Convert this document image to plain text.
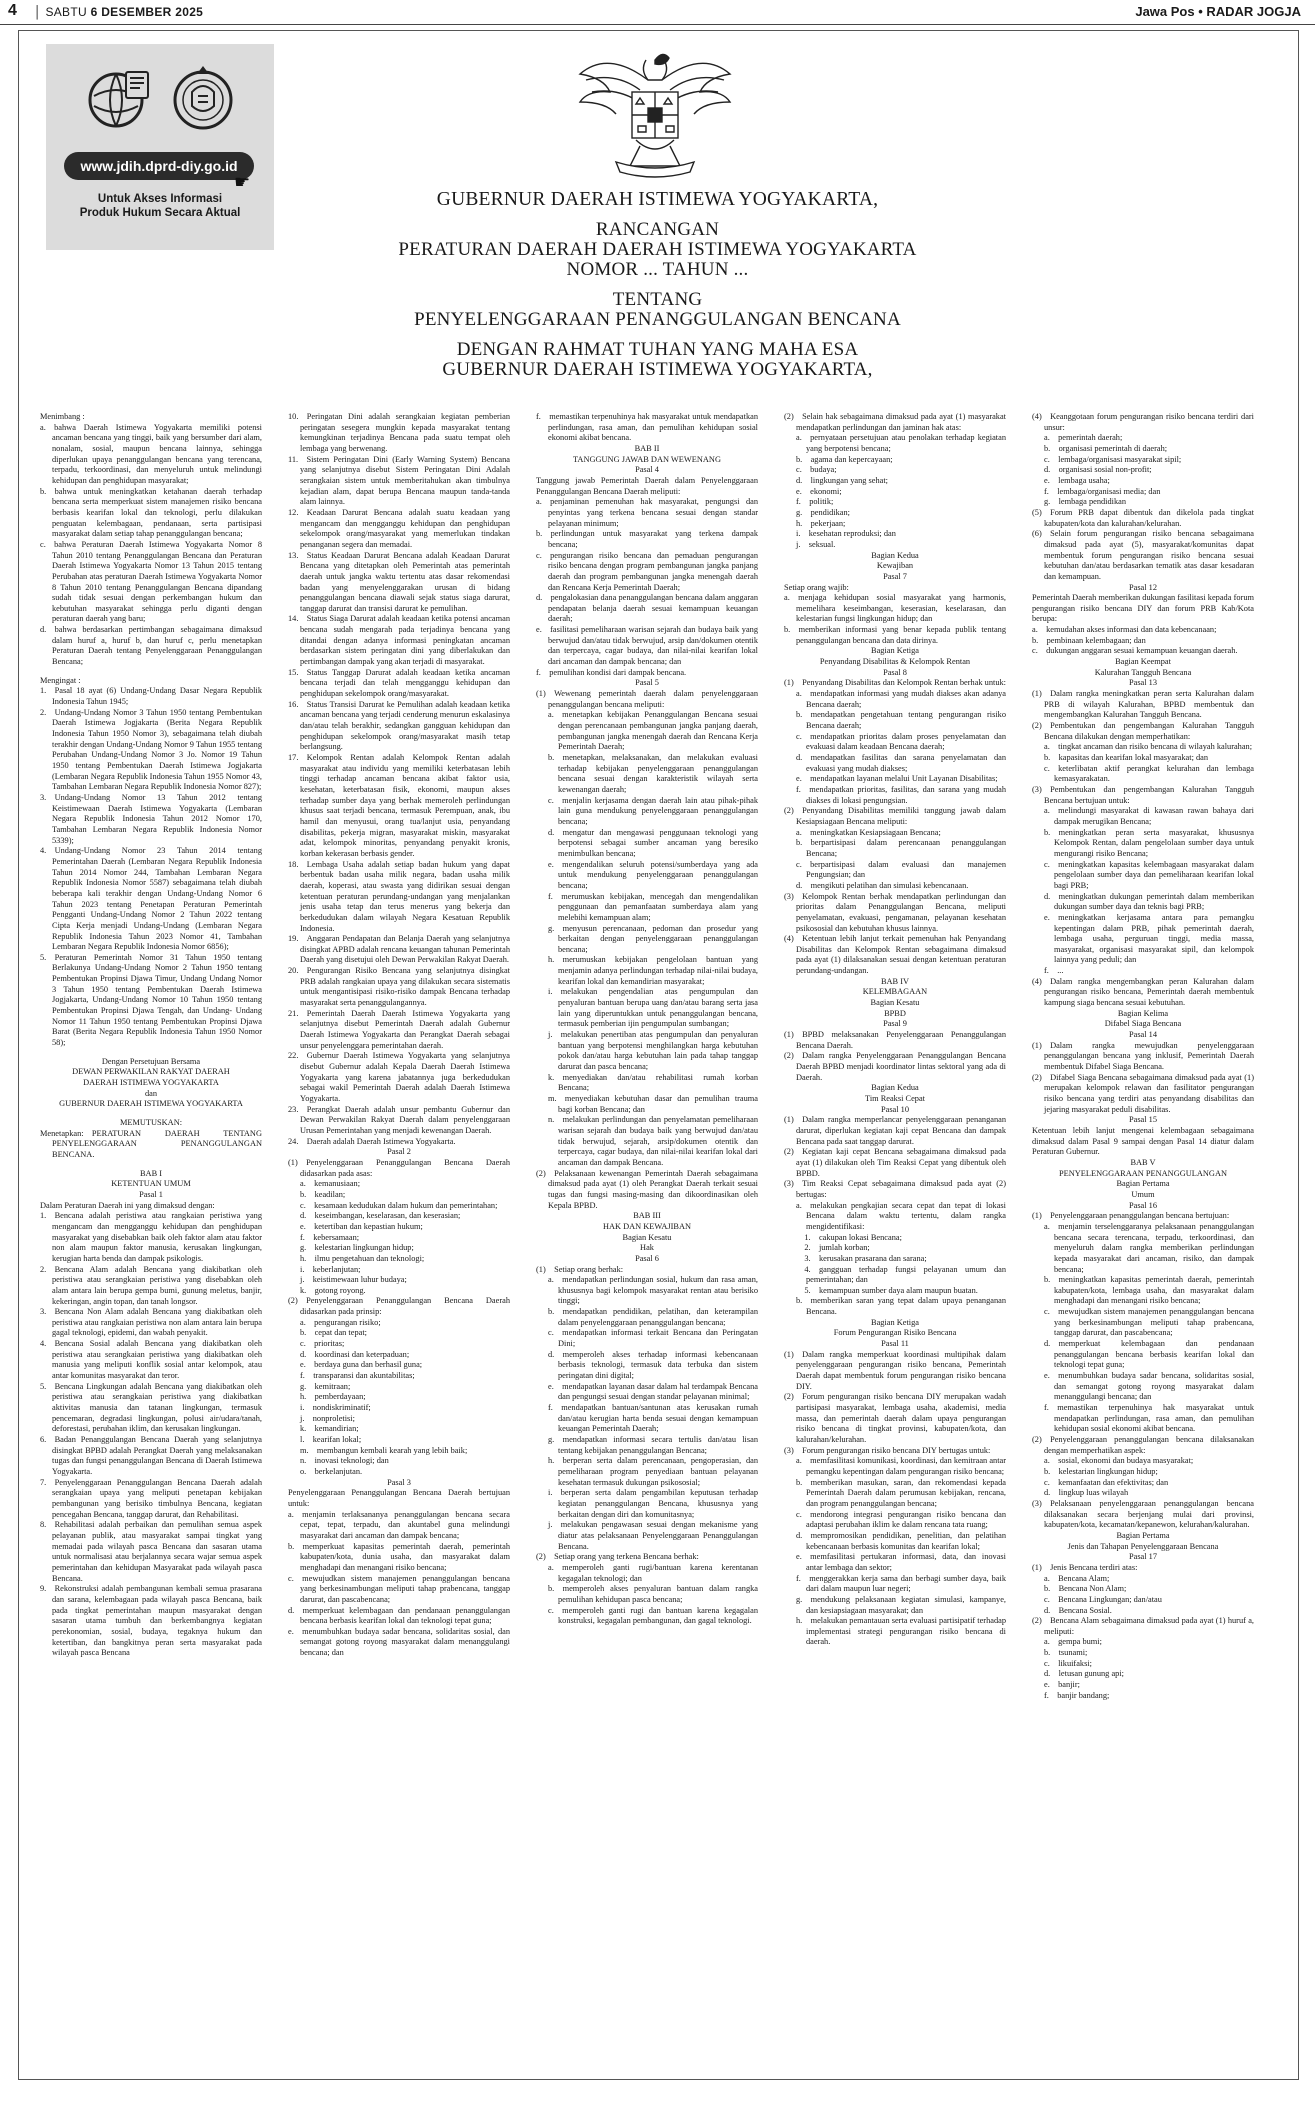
4 │ SABTU 6 DESEMBER 2025	Jawa Pos • RADAR JOGJA
www.jdih.dprd-diy.go.id
☛
Untuk Akses Informasi
Produk Hukum Secara Aktual
GUBERNUR DAERAH ISTIMEWA YOGYAKARTA,
RANCANGAN
PERATURAN DAERAH DAERAH ISTIMEWA YOGYAKARTA
NOMOR ... TAHUN ...
TENTANG
PENYELENGGARAAN PENANGGULANGAN BENCANA
DENGAN RAHMAT TUHAN YANG MAHA ESA
GUBERNUR DAERAH ISTIMEWA YOGYAKARTA,

Menimbang :

a. bahwa Daerah Istimewa Yogyakarta memiliki potensi ancaman bencana yang tinggi, baik yang bersumber dari alam, nonalam, sosial, maupun bencana lainnya, sehingga diperlukan upaya penanggulangan bencana yang terencana, terpadu, terkoordinasi, dan menyeluruh untuk melindungi kehidupan dan penghidupan masyarakat;

b. bahwa untuk meningkatkan ketahanan daerah terhadap bencana serta memperkuat sistem manajemen risiko bencana berbasis kearifan lokal dan teknologi, perlu dilakukan penguatan kelembagaan, pendanaan, serta partisipasi masyarakat dalam setiap tahap penanggulangan bencana;

c. bahwa Peraturan Daerah Istimewa Yogyakarta Nomor 8 Tahun 2010 tentang Penanggulangan Bencana dan Peraturan Daerah Istimewa Yogyakarta Nomor 13 Tahun 2015 tentang Perubahan atas peraturan Daerah Istimewa Yogyakarta Nomor 8 Tahun 2010 tentang Penanggulangan Bencana dipandang sudah tidak sesuai dengan perkembangan hukum dan kebutuhan masyarakat sehingga perlu diganti dengan peraturan daerah yang baru;

d. bahwa berdasarkan pertimbangan sebagaimana dimaksud dalam huruf a, huruf b, dan huruf c, perlu menetapkan Peraturan Daerah tentang Penyelenggaraan Penanggulangan Bencana;

Mengingat :

1. Pasal 18 ayat (6) Undang-Undang Dasar Negara Republik Indonesia Tahun 1945;

2. Undang-Undang Nomor 3 Tahun 1950 tentang Pembentukan Daerah Istimewa Jogjakarta (Berita Negara Republik Indonesia Tahun 1950 Nomor 3), sebagaimana telah diubah terakhir dengan Undang-Undang Nomor 9 Tahun 1955 tentang Perubahan Undang-Undang Nomor 3 Jo. Nomor 19 Tahun 1950 tentang Pembentukan Daerah Istimewa Jogjakarta (Lembaran Negara Republik Indonesia Tahun 1955 Nomor 43, Tambahan Lembaran Negara Republik Indonesia Nomor 827);

3. Undang-Undang Nomor 13 Tahun 2012 tentang Keistimewaan Daerah Istimewa Yogyakarta (Lembaran Negara Republik Indonesia Tahun 2012 Nomor 170, Tambahan Lembaran Negara Republik Indonesia Nomor 5339);

4. Undang-Undang Nomor 23 Tahun 2014 tentang Pemerintahan Daerah (Lembaran Negara Republik Indonesia Tahun 2014 Nomor 244, Tambahan Lembaran Negara Republik Indonesia Nomor 5587) sebagaimana telah diubah beberapa kali terakhir dengan Undang-Undang Nomor 6 Tahun 2023 tentang Penetapan Peraturan Pemerintah Pengganti Undang-Undang Nomor 2 Tahun 2022 tentang Cipta Kerja menjadi Undang-Undang (Lembaran Negara Republik Indonesia Tahun 2023 Nomor 41, Tambahan Lembaran Negara Republik Indonesia Nomor 6856);

5. Peraturan Pemerintah Nomor 31 Tahun 1950 tentang Berlakunya Undang-Undang Nomor 2 Tahun 1950 tentang Pembentukan Propinsi Djawa Timur, Undang Undang Nomor 3 Tahun 1950 tentang Pembentukan Daerah Istimewa Jogjakarta, Undang-Undang Nomor 10 Tahun 1950 tentang Pembentukan Propinsi Djawa Tengah, dan Undang- Undang Nomor 11 Tahun 1950 tentang Pembentukan Propinsi Djawa Barat (Berita Negara Republik Indonesia Tahun 1950 Nomor 58);

Dengan Persetujuan Bersama

DEWAN PERWAKILAN RAKYAT DAERAH

DAERAH ISTIMEWA YOGYAKARTA

dan

GUBERNUR DAERAH ISTIMEWA YOGYAKARTA

MEMUTUSKAN:

Menetapkan: PERATURAN DAERAH TENTANG PENYELENGGARAAN PENANGGULANGAN BENCANA.

BAB I

KETENTUAN UMUM

Pasal 1

Dalam Peraturan Daerah ini yang dimaksud dengan:

1. Bencana adalah peristiwa atau rangkaian peristiwa yang mengancam dan mengganggu kehidupan dan penghidupan masyarakat yang disebabkan baik oleh faktor alam atau faktor non alam maupun faktor manusia, kerusakan lingkungan, kerugian harta benda dan dampak psikologis.

2. Bencana Alam adalah Bencana yang diakibatkan oleh peristiwa atau serangkaian peristiwa yang disebabkan oleh alam antara lain berupa gempa bumi, gunung meletus, banjir, kekeringan, angin topan, dan tanah longsor.

3. Bencana Non Alam adalah Bencana yang diakibatkan oleh peristiwa atau rangkaian peristiwa non alam antara lain berupa gagal teknologi, epidemi, dan wabah penyakit.

4. Bencana Sosial adalah Bencana yang diakibatkan oleh peristiwa atau serangkaian peristiwa yang diakibatkan oleh manusia yang meliputi konflik sosial antar kelompok, atau antar komunitas masyarakat dan teror.

5. Bencana Lingkungan adalah Bencana yang diakibatkan oleh peristiwa atau serangkaian peristiwa yang diakibatkan aktivitas manusia dan tatanan lingkungan, termasuk pencemaran, degradasi lingkungan, polusi air/udara/tanah, deforestasi, perubahan iklim, dan kerusakan lingkungan.

6. Badan Penanggulangan Bencana Daerah yang selanjutnya disingkat BPBD adalah Perangkat Daerah yang melaksanakan tugas dan fungsi penanggulangan Bencana di Daerah Istimewa Yogyakarta.

7. Penyelenggaraan Penanggulangan Bencana Daerah adalah serangkaian upaya yang meliputi penetapan kebijakan pembangunan yang berisiko timbulnya Bencana, kegiatan pencegahan Bencana, tanggap darurat, dan Rehabilitasi.

8. Rehabilitasi adalah perbaikan dan pemulihan semua aspek pelayanan publik, atau masyarakat sampai tingkat yang memadai pada wilayah pasca Bencana dan sasaran utama untuk normalisasi atau berjalannya secara wajar semua aspek pemerintahan dan kehidupan Masyarakat pada wilayah pasca Bencana.

9. Rekonstruksi adalah pembangunan kembali semua prasarana dan sarana, kelembagaan pada wilayah pasca Bencana, baik pada tingkat pemerintahan maupun masyarakat dengan sasaran utama tumbuh dan berkembangnya kegiatan perekonomian, sosial, budaya, tegaknya hukum dan ketertiban, dan bangkitnya peran serta masyarakat pada wilayah pasca Bencana

10. Peringatan Dini adalah serangkaian kegiatan pemberian peringatan sesegera mungkin kepada masyarakat tentang kemungkinan terjadinya Bencana pada suatu tempat oleh lembaga yang berwenang.

11. Sistem Peringatan Dini (Early Warning System) Bencana yang selanjutnya disebut Sistem Peringatan Dini Adalah serangkaian sistem untuk memberitahukan akan timbulnya kejadian alam, dapat berupa Bencana maupun tanda-tanda alam lainnya.

12. Keadaan Darurat Bencana adalah suatu keadaan yang mengancam dan mengganggu kehidupan dan penghidupan sekelompok orang/masyarakat yang memerlukan tindakan penanganan segera dan memadai.

13. Status Keadaan Darurat Bencana adalah Keadaan Darurat Bencana yang ditetapkan oleh Pemerintah atas pemerintah daerah untuk jangka waktu tertentu atas dasar rekomendasi badan yang menyelenggarakan urusan di bidang penanggulangan bencana diawali sejak status siaga darurat, tanggap darurat dan transisi darurat ke pemulihan.

14. Status Siaga Darurat adalah keadaan ketika potensi ancaman bencana sudah mengarah pada terjadinya bencana yang ditandai dengan adanya informasi peningkatan ancaman berdasarkan sistem peringatan dini yang diberlakukan dan pertimbangan dampak yang akan terjadi di masyarakat.

15. Status Tanggap Darurat adalah keadaan ketika ancaman bencana terjadi dan telah mengganggu kehidupan dan penghidupan sekelompok orang/masyarakat.

16. Status Transisi Darurat ke Pemulihan adalah keadaan ketika ancaman bencana yang terjadi cenderung menurun eskalasinya dan/atau telah berakhir, sedangkan gangguan kehidupan dan penghidupan sekelompok orang/masyarakat masih tetap berlangsung.

17. Kelompok Rentan adalah Kelompok Rentan adalah masyarakat atau individu yang memiliki keterbatasan lebih tinggi terhadap ancaman bencana akibat faktor usia, kesehatan, keterbatasan fisik, ekonomi, maupun akses terhadap sumber daya yang berhak memeroleh perlindungan khusus saat terjadi bencana, termasuk Perempuan, anak, ibu hamil dan menyusui, orang tua/lanjut usia, penyandang disabilitas, pekerja migran, masyarakat miskin, masyarakat adat, kelompok minoritas, penyandang penyakit kronis, korban kekerasan berbasis gender.

18. Lembaga Usaha adalah setiap badan hukum yang dapat berbentuk badan usaha milik negara, badan usaha milik daerah, koperasi, atau swasta yang didirikan sesuai dengan ketentuan peraturan perundang-undangan yang menjalankan jenis usaha tetap dan terus menerus yang bekerja dan berkedudukan dalam wilayah Negara Kesatuan Republik Indonesia.

19. Anggaran Pendapatan dan Belanja Daerah yang selanjutnya disingkat APBD adalah rencana keuangan tahunan Pemerintah Daerah yang disetujui oleh Dewan Perwakilan Rakyat Daerah.

20. Pengurangan Risiko Bencana yang selanjutnya disingkat PRB adalah rangkaian upaya yang dilakukan secara sistematis untuk mengantisipasi risiko-risiko dampak Bencana terhadap masyarakat serta penanggulangannya.

21. Pemerintah Daerah Daerah Istimewa Yogyakarta yang selanjutnya disebut Pemerintah Daerah adalah Gubernur Daerah Istimewa Yogyakarta dan Perangkat Daerah sebagai unsur penyelenggara pemerintahan daerah.

22. Gubernur Daerah Istimewa Yogyakarta yang selanjutnya disebut Gubernur adalah Kepala Daerah Daerah Istimewa Yogyakarta yang karena jabatannya juga berkedudukan sebagai wakil Pemerintah Daerah adalah Daerah Istimewa Yogyakarta.

23. Perangkat Daerah adalah unsur pembantu Gubernur dan Dewan Perwakilan Rakyat Daerah dalam penyelenggaraan Urusan Pemerintahan yang menjadi kewenangan Daerah.

24. Daerah adalah Daerah Istimewa Yogyakarta.

Pasal 2

(1) Penyelenggaraan Penanggulangan Bencana Daerah didasarkan pada asas:

a. kemanusiaan;

b. keadilan;

c. kesamaan kedudukan dalam hukum dan pemerintahan;

d. keseimbangan, keselarasan, dan keserasian;

e. ketertiban dan kepastian hukum;

f. kebersamaan;

g. kelestarian lingkungan hidup;

h. ilmu pengetahuan dan teknologi;

i. keberlanjutan;

j. keistimewaan luhur budaya;

k. gotong royong.

(2) Penyelenggaraan Penanggulangan Bencana Daerah didasarkan pada prinsip:

a. pengurangan risiko;

b. cepat dan tepat;

c. prioritas;

d. koordinasi dan keterpaduan;

e. berdaya guna dan berhasil guna;

f. transparansi dan akuntabilitas;

g. kemitraan;

h. pemberdayaan;

i. nondiskriminatif;

j. nonproletisi;

k. kemandirian;

l. kearifan lokal;

m. membangun kembali kearah yang lebih baik;

n. inovasi teknologi; dan

o. berkelanjutan.

Pasal 3

Penyelenggaraan Penanggulangan Bencana Daerah bertujuan untuk:

a. menjamin terlaksananya penanggulangan bencana secara cepat, tepat, terpadu, dan akuntabel guna melindungi masyarakat dari ancaman dan dampak bencana;

b. memperkuat kapasitas pemerintah daerah, pemerintah kabupaten/kota, dunia usaha, dan masyarakat dalam menghadapi dan menangani risiko bencana;

c. mewujudkan sistem manajemen penanggulangan bencana yang berkesinambungan meliputi tahap prabencana, tanggap darurat, dan pascabencana;

d. memperkuat kelembagaan dan pendanaan penanggulangan bencana berbasis kearifan lokal dan teknologi tepat guna;

e. menumbuhkan budaya sadar bencana, solidaritas sosial, dan semangat gotong royong masyarakat dalam menanggulangi bencana; dan

f. memastikan terpenuhinya hak masyarakat untuk mendapatkan perlindungan, rasa aman, dan pemulihan kehidupan sosial ekonomi akibat bencana.

BAB II

TANGGUNG JAWAB DAN WEWENANG

Pasal 4

Tanggung jawab Pemerintah Daerah dalam Penyelenggaraan Penanggulangan Bencana Daerah meliputi:

a. penjaminan pemenuhan hak masyarakat, pengungsi dan penyintas yang terkena bencana sesuai dengan standar pelayanan minimum;

b. perlindungan untuk masyarakat yang terkena dampak bencana;

c. pengurangan risiko bencana dan pemaduan pengurangan risiko bencana dengan program pembangunan jangka panjang daerah dan program pembangunan jangka menengah daerah dan Rencana Kerja Pemerintah Daerah;

d. pengalokasian dana penanggulangan bencana dalam anggaran pendapatan belanja daerah sesuai kemampuan keuangan daerah;

e. fasilitasi pemeliharaan warisan sejarah dan budaya baik yang berwujud dan/atau tidak berwujud, arsip dan/dokumen otentik dan terpercaya, cagar budaya, dan nilai-nilai kearifan lokal dari ancaman dan dampak bencana; dan

f. pemulihan kondisi dari dampak bencana.

Pasal 5

(1) Wewenang pemerintah daerah dalam penyelenggaraan penanggulangan bencana meliputi:

a. menetapkan kebijakan Penanggulangan Bencana sesuai dengan perencanaan pembangunan jangka panjang daerah, pembangunan jangka menengah daerah dan Rencana Kerja Pemerintah Daerah;

b. menetapkan, melaksanakan, dan melakukan evaluasi terhadap kebijakan penyelenggaraan penanggulangan bencana sesuai dengan karakteristik wilayah serta kewenangan daerah;

c. menjalin kerjasama dengan daerah lain atau pihak-pihak lain guna mendukung penyelenggaraan penanggulangan bencana;

d. mengatur dan mengawasi penggunaan teknologi yang berpotensi sebagai sumber ancaman yang beresiko menimbulkan bencana;

e. mengendalikan seluruh potensi/sumberdaya yang ada untuk mendukung penyelenggaraan penanggulangan bencana;

f. merumuskan kebijakan, mencegah dan mengendalikan penggunaan dan pemanfaatan sumberdaya alam yang melebihi kemampuan alam;

g. menyusun perencanaan, pedoman dan prosedur yang berkaitan dengan penyelenggaraan penanggulangan bencana;

h. merumuskan kebijakan pengelolaan bantuan yang menjamin adanya perlindungan terhadap nilai-nilai budaya, kearifan lokal dan kemandirian masyarakat;

i. melakukan pengendalian atas pengumpulan dan penyaluran bantuan berupa uang dan/atau barang serta jasa lain yang diperuntukkan untuk penanggulangan bencana, termasuk pemberian ijin pengumpulan sumbangan;

j. melakukan penertiban atas pengumpulan dan penyaluran bantuan yang berpotensi menghilangkan harga kebutuhan pokok dan/atau harga kebutuhan lain pada tahap tanggap darurat dan pasca bencana;

k. menyediakan dan/atau rehabilitasi rumah korban Bencana;

m. menyediakan kebutuhan dasar dan pemulihan trauma bagi korban Bencana; dan

n. melakukan perlindungan dan penyelamatan pemeliharaan warisan sejarah dan budaya baik yang berwujud dan/atau tidak berwujud, sejarah, arsip/dokumen otentik dan terpercaya, cagar budaya, dan nilai-nilai kearifan lokal dari ancaman dan dampak Bencana.

(2) Pelaksanaan kewenangan Pemerintah Daerah sebagaimana dimaksud pada ayat (1) oleh Perangkat Daerah terkait sesuai tugas dan fungsi masing-masing dan dikoordinasikan oleh Kepala BPBD.

BAB III

HAK DAN KEWAJIBAN

Bagian Kesatu

Hak

Pasal 6

(1) Setiap orang berhak:

a. mendapatkan perlindungan sosial, hukum dan rasa aman, khususnya bagi kelompok masyarakat rentan atau berisiko tinggi;

b. mendapatkan pendidikan, pelatihan, dan keterampilan dalam penyelenggaraan penanggulangan bencana;

c. mendapatkan informasi terkait Bencana dan Peringatan Dini;

d. memperoleh akses terhadap informasi kebencanaan berbasis teknologi, termasuk data terbuka dan sistem peringatan dini digital;

e. mendapatkan layanan dasar dalam hal terdampak Bencana dan pengungsi sesuai dengan standar pelayanan minimal;

f. mendapatkan bantuan/santunan atas kerusakan rumah dan/atau kerugian harta benda sesuai dengan kemampuan keuangan Pemerintah Daerah;

g. mendapatkan informasi secara tertulis dan/atau lisan tentang kebijakan penanggulangan Bencana;

h. berperan serta dalam perencanaan, pengoperasian, dan pemeliharaan program penyediaan bantuan pelayanan kesehatan termasuk dukungan psikososial;

i. berperan serta dalam pengambilan keputusan terhadap kegiatan penanggulangan Bencana, khususnya yang berkaitan dengan diri dan komunitasnya;

j. melakukan pengawasan sesuai dengan mekanisme yang diatur atas pelaksanaan Penyelenggaraan Penanggulangan Bencana.

(2) Setiap orang yang terkena Bencana berhak:

a. memperoleh ganti rugi/bantuan karena kerentanan kegagalan teknologi; dan

b. memperoleh akses penyaluran bantuan dalam rangka pemulihan kehidupan pasca bencana;

c. memperoleh ganti rugi dan bantuan karena kegagalan konstruksi, kegagalan pembangunan, dan gagal teknologi.

(2) Selain hak sebagaimana dimaksud pada ayat (1) masyarakat mendapatkan perlindungan dan jaminan hak atas:

a. pernyataan persetujuan atau penolakan terhadap kegiatan yang berpotensi bencana;

b. agama dan kepercayaan;

c. budaya;

d. lingkungan yang sehat;

e. ekonomi;

f. politik;

g. pendidikan;

h. pekerjaan;

i. kesehatan reproduksi; dan

j. seksual.

Bagian Kedua

Kewajiban

Pasal 7

Setiap orang wajib:

a. menjaga kehidupan sosial masyarakat yang harmonis, memelihara keseimbangan, keserasian, keselarasan, dan kelestarian fungsi lingkungan hidup; dan

b. memberikan informasi yang benar kepada publik tentang penanggulangan bencana dan data dirinya.

Bagian Ketiga

Penyandang Disabilitas & Kelompok Rentan

Pasal 8

(1) Penyandang Disabilitas dan Kelompok Rentan berhak untuk:

a. mendapatkan informasi yang mudah diakses akan adanya Bencana daerah;

b. mendapatkan pengetahuan tentang pengurangan risiko Bencana daerah;

c. mendapatkan prioritas dalam proses penyelamatan dan evakuasi dalam keadaan Bencana daerah;

d. mendapatkan fasilitas dan sarana penyelamatan dan evakuasi yang mudah diakses;

e. mendapatkan layanan melalui Unit Layanan Disabilitas;

f. mendapatkan prioritas, fasilitas, dan sarana yang mudah diakses di lokasi pengungsian.

(2) Penyandang Disabilitas memiliki tanggung jawab dalam Kesiapsiagaan Bencana meliputi:

a. meningkatkan Kesiapsiagaan Bencana;

b. berpartisipasi dalam perencanaan penanggulangan Bencana;

c. berpartisipasi dalam evaluasi dan manajemen Pengungsian; dan

d. mengikuti pelatihan dan simulasi kebencanaan.

(3) Kelompok Rentan berhak mendapatkan perlindungan dan prioritas dalam Penanggulangan Bencana, meliputi penyelamatan, evakuasi, pengamanan, pelayanan kesehatan psikososial dan kebutuhan khusus lainnya.

(4) Ketentuan lebih lanjut terkait pemenuhan hak Penyandang Disabilitas dan Kelompok Rentan sebagaimana dimaksud pada ayat (1) dilaksanakan sesuai dengan ketentuan peraturan perundang-undangan.

BAB IV

KELEMBAGAAN

Bagian Kesatu

BPBD

Pasal 9

(1) BPBD melaksanakan Penyelenggaraan Penanggulangan Bencana Daerah.

(2) Dalam rangka Penyelenggaraan Penanggulangan Bencana Daerah BPBD menjadi koordinator lintas sektoral yang ada di Daerah.

Bagian Kedua

Tim Reaksi Cepat

Pasal 10

(1) Dalam rangka memperlancar penyelenggaraan penanganan darurat, diperlukan kegiatan kaji cepat Bencana dan dampak Bencana pada saat tanggap darurat.

(2) Kegiatan kaji cepat Bencana sebagaimana dimaksud pada ayat (1) dilakukan oleh Tim Reaksi Cepat yang dibentuk oleh BPBD.

(3) Tim Reaksi Cepat sebagaimana dimaksud pada ayat (2) bertugas:

a. melakukan pengkajian secara cepat dan tepat di lokasi Bencana dalam waktu tertentu, dalam rangka mengidentifikasi:

 1. cakupan lokasi Bencana;

 2. jumlah korban;

 3. kerusakan prasarana dan sarana;

 4. gangguan terhadap fungsi pelayanan umum dan pemerintahan; dan

 5. kemampuan sumber daya alam maupun buatan.

b. memberikan saran yang tepat dalam upaya penanganan Bencana.

Bagian Ketiga

Forum Pengurangan Risiko Bencana

Pasal 11

(1) Dalam rangka memperkuat koordinasi multipihak dalam penyelenggaraan pengurangan risiko bencana, Pemerintah Daerah dapat membentuk forum pengurangan risiko bencana DIY.

(2) Forum pengurangan risiko bencana DIY merupakan wadah partisipasi masyarakat, lembaga usaha, akademisi, media massa, dan pemerintah daerah dalam upaya pengurangan risiko bencana di tingkat provinsi, kabupaten/kota, dan kalurahan/kelurahan.

(3) Forum pengurangan risiko bencana DIY bertugas untuk:

a. memfasilitasi komunikasi, koordinasi, dan kemitraan antar pemangku kepentingan dalam pengurangan risiko bencana;

b. memberikan masukan, saran, dan rekomendasi kepada Pemerintah Daerah dalam perumusan kebijakan, rencana, dan program penanggulangan bencana;

c. mendorong integrasi pengurangan risiko bencana dan adaptasi perubahan iklim ke dalam rencana tata ruang;

d. mempromosikan pendidikan, penelitian, dan pelatihan kebencanaan berbasis komunitas dan kearifan lokal;

e. memfasilitasi pertukaran informasi, data, dan inovasi antar lembaga dan sektor;

f. menggerakkan kerja sama dan berbagi sumber daya, baik dari dalam maupun luar negeri;

g. mendukung pelaksanaan kegiatan simulasi, kampanye, dan kesiapsiagaan masyarakat; dan

h. melakukan pemantauan serta evaluasi partisipatif terhadap implementasi strategi pengurangan risiko bencana di daerah.

(4) Keanggotaan forum pengurangan risiko bencana terdiri dari unsur:

a. pemerintah daerah;

b. organisasi pemerintah di daerah;

c. lembaga/organisasi masyarakat sipil;

d. organisasi sosial non-profit;

e. lembaga usaha;

f. lembaga/organisasi media; dan

g. lembaga pendidikan

(5) Forum PRB dapat dibentuk dan dikelola pada tingkat kabupaten/kota dan kalurahan/kelurahan.

(6) Selain forum pengurangan risiko bencana sebagaimana dimaksud pada ayat (5), masyarakat/komunitas dapat membentuk forum pengurangan risiko bencana sesuai kebutuhan dan/atau berdasarkan tematik atas dasar kesadaran dan kemampuan.

Pasal 12

Pemerintah Daerah memberikan dukungan fasilitasi kepada forum pengurangan risiko bencana DIY dan forum PRB Kab/Kota berupa:

a. kemudahan akses informasi dan data kebencanaan;

b. pembinaan kelembagaan; dan

c. dukungan anggaran sesuai kemampuan keuangan daerah.

Bagian Keempat

Kalurahan Tangguh Bencana

Pasal 13

(1) Dalam rangka meningkatkan peran serta Kalurahan dalam PRB di wilayah Kalurahan, BPBD membentuk dan mengembangkan Kalurahan Tangguh Bencana.

(2) Pembentukan dan pengembangan Kalurahan Tangguh Bencana dilakukan dengan memperhatikan:

a. tingkat ancaman dan risiko bencana di wilayah kalurahan;

b. kapasitas dan kearifan lokal masyarakat; dan

c. keterlibatan aktif perangkat kelurahan dan lembaga kemasyarakatan.

(3) Pembentukan dan pengembangan Kalurahan Tangguh Bencana bertujuan untuk:

a. melindungi masyarakat di kawasan rawan bahaya dari dampak merugikan Bencana;

b. meningkatkan peran serta masyarakat, khususnya Kelompok Rentan, dalam pengelolaan sumber daya untuk mengurangi risiko Bencana;

c. meningkatkan kapasitas kelembagaan masyarakat dalam pengelolaan sumber daya dan pemeliharaan kearifan lokal bagi PRB;

d. meningkatkan dukungan pemerintah dalam memberikan dukungan sumber daya dan teknis bagi PRB;

e. meningkatkan kerjasama antara para pemangku kepentingan dalam PRB, pihak pemerintah daerah, lembaga usaha, perguruan tinggi, media massa, masyarakat, organisasi masyarakat sipil, dan kelompok lainnya yang peduli; dan

f. ...

(4) Dalam rangka mengembangkan peran Kalurahan dalam pengurangan risiko bencana, Pemerintah daerah membentuk kampung siaga bencana sesuai kebutuhan.

Bagian Kelima

Difabel Siaga Bencana

Pasal 14

(1) Dalam rangka mewujudkan penyelenggaraan penanggulangan bencana yang inklusif, Pemerintah Daerah membentuk Difabel Siaga Bencana.

(2) Difabel Siaga Bencana sebagaimana dimaksud pada ayat (1) merupakan kelompok relawan dan fasilitator pengurangan risiko bencana yang terdiri atas penyandang disabilitas dan jejaring masyarakat peduli disabilitas.

Pasal 15

Ketentuan lebih lanjut mengenai kelembagaan sebagaimana dimaksud dalam Pasal 9 sampai dengan Pasal 14 diatur dalam Peraturan Gubernur.

BAB V

PENYELENGGARAAN PENANGGULANGAN

Bagian Pertama

Umum

Pasal 16

(1) Penyelenggaraan penanggulangan bencana bertujuan:

a. menjamin terselenggaranya pelaksanaan penanggulangan bencana secara terencana, terpadu, terkoordinasi, dan menyeluruh dalam rangka memberikan perlindungan kepada masyarakat dari ancaman, risiko, dan dampak bencana;

b. meningkatkan kapasitas pemerintah daerah, pemerintah kabupaten/kota, lembaga usaha, dan masyarakat dalam menghadapi dan menangani risiko bencana;

c. mewujudkan sistem manajemen penanggulangan bencana yang berkesinambungan meliputi tahap prabencana, tanggap darurat, dan pascabencana;

d. memperkuat kelembagaan dan pendanaan penanggulangan bencana berbasis kearifan lokal dan teknologi tepat guna;

e. menumbuhkan budaya sadar bencana, solidaritas sosial, dan semangat gotong royong masyarakat dalam menanggulangi bencana; dan

f. memastikan terpenuhinya hak masyarakat untuk mendapatkan perlindungan, rasa aman, dan pemulihan kehidupan sosial ekonomi akibat bencana.

(2) Penyelenggaraan penanggulangan bencana dilaksanakan dengan memperhatikan aspek:

a. sosial, ekonomi dan budaya masyarakat;

b. kelestarian lingkungan hidup;

c. kemanfaatan dan efektivitas; dan

d. lingkup luas wilayah

(3) Pelaksanaan penyelenggaraan penanggulangan bencana dilaksanakan secara berjenjang mulai dari provinsi, kabupaten/kota, kecamatan/kepanewon, kelurahan/kalurahan.

Bagian Pertama

Jenis dan Tahapan Penyelenggaraan Bencana

Pasal 17

(1) Jenis Bencana terdiri atas:

a. Bencana Alam;

b. Bencana Non Alam;

c. Bencana Lingkungan; dan/atau

d. Bencana Sosial.

(2) Bencana Alam sebagaimana dimaksud pada ayat (1) huruf a, meliputi:

a. gempa bumi;

b. tsunami;

c. likuifaksi;

d. letusan gunung api;

e. banjir;

f. banjir bandang;
